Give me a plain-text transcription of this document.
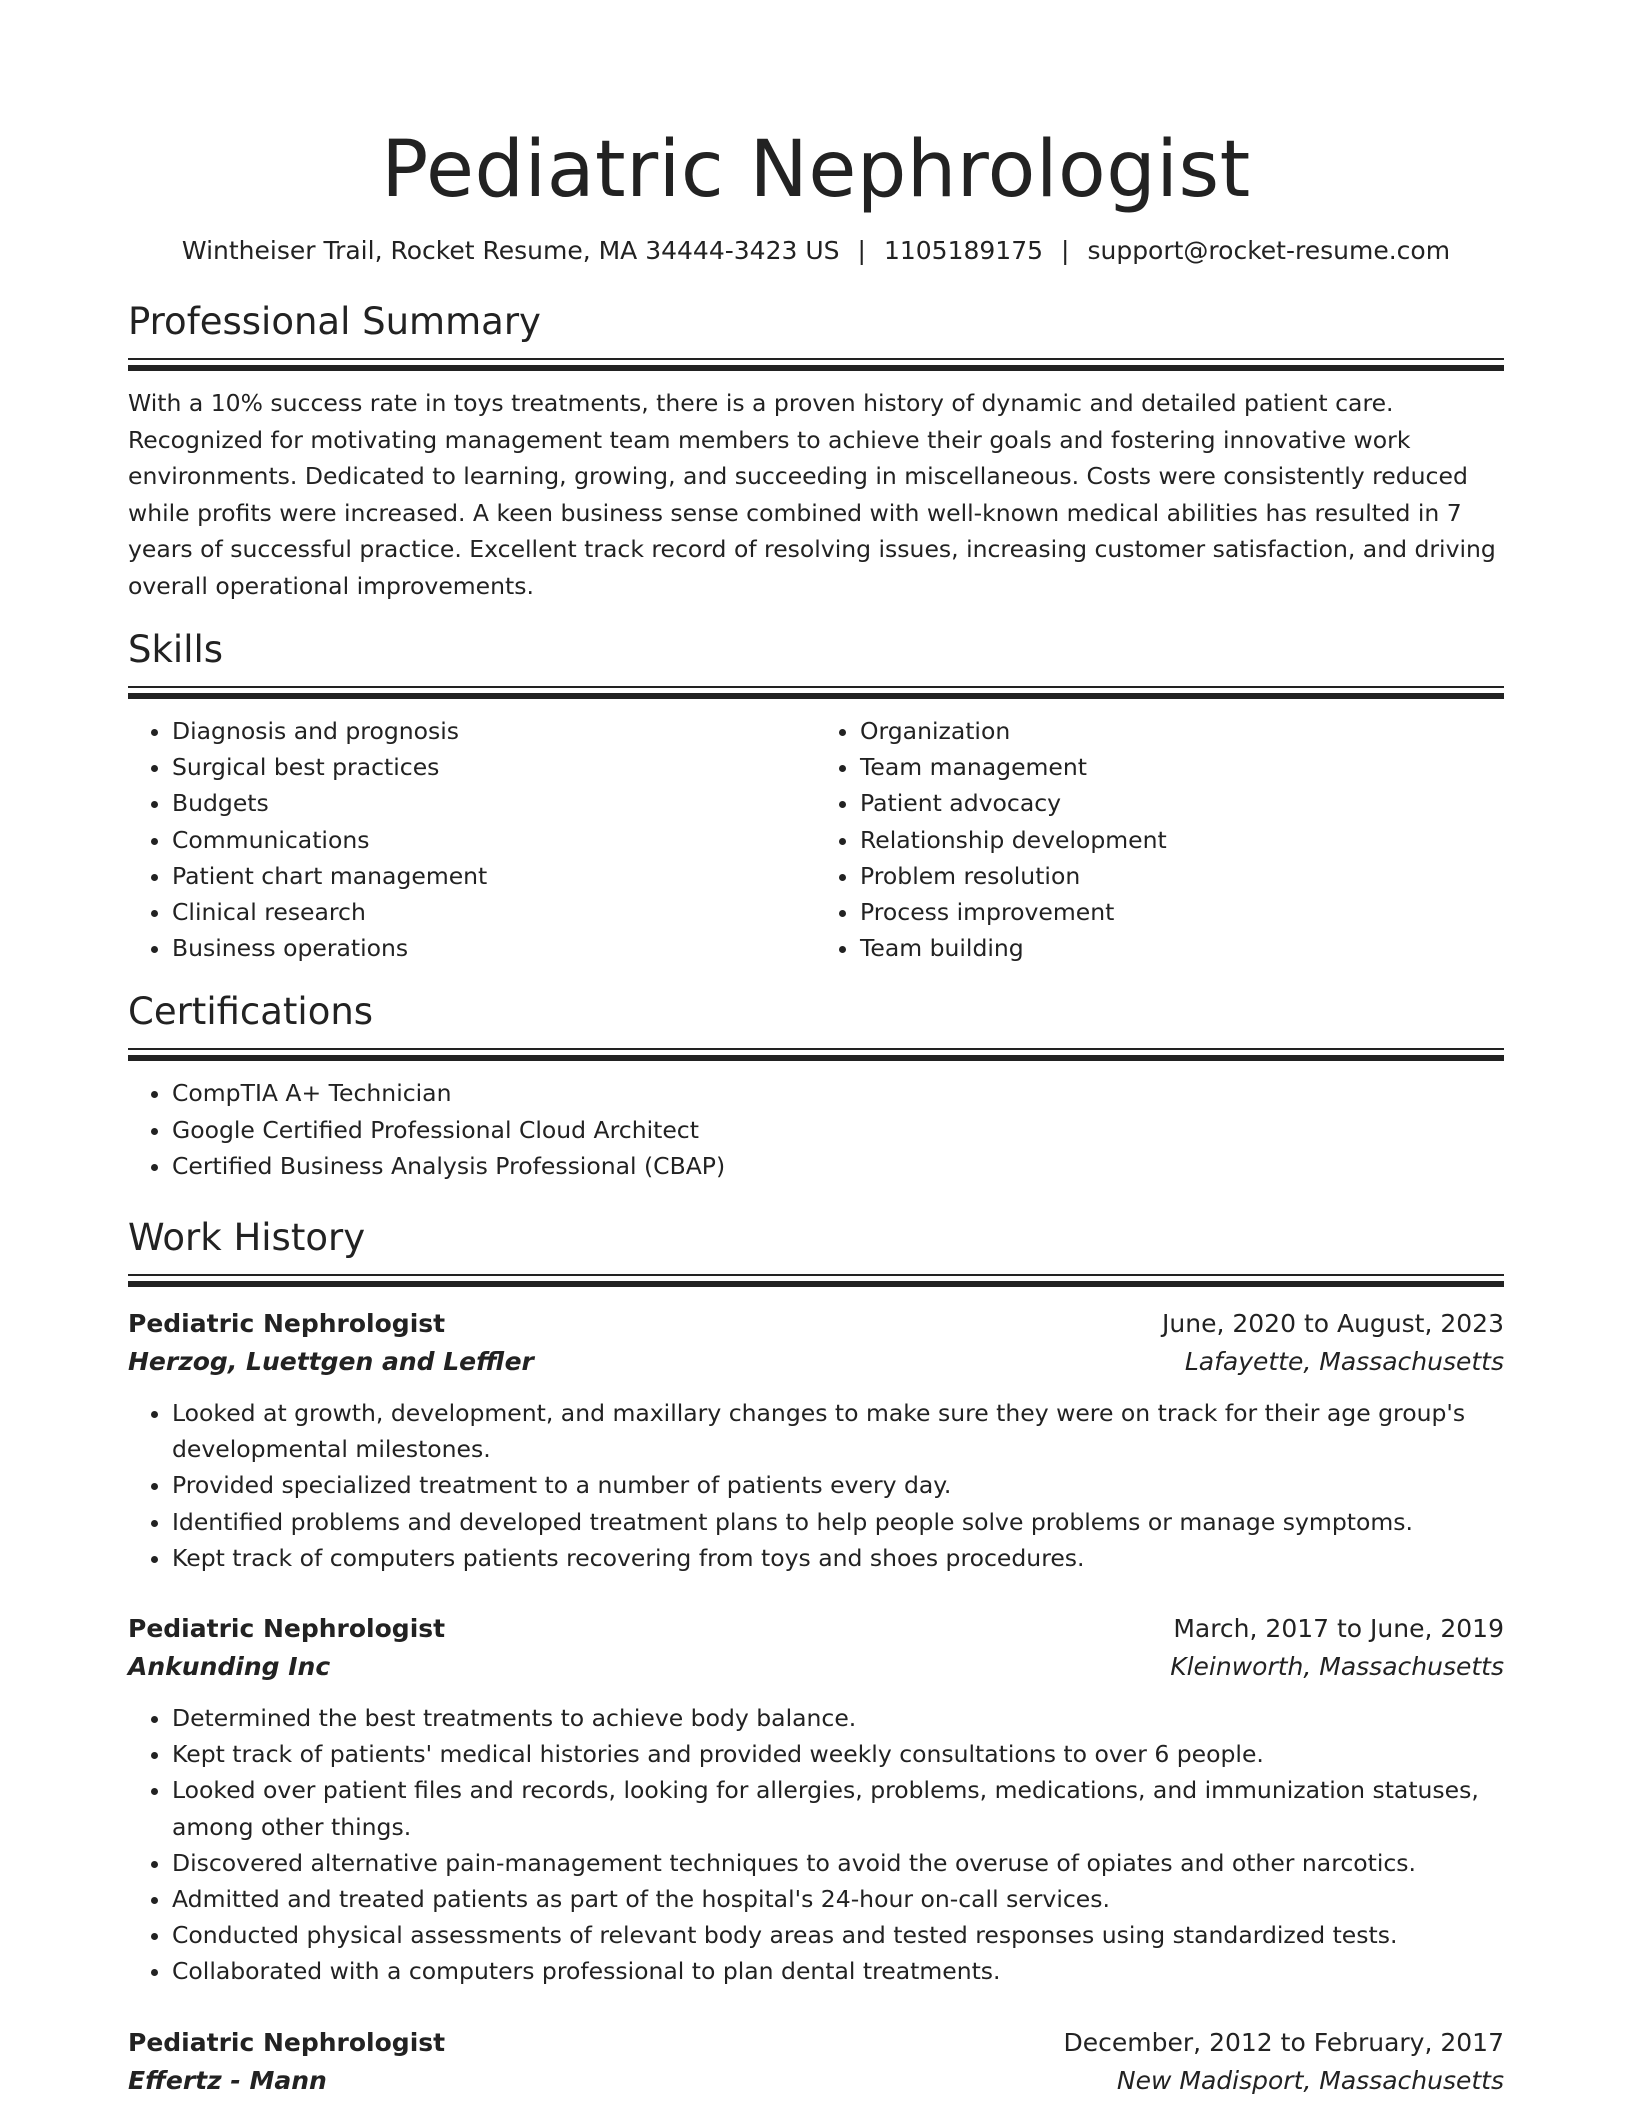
Pediatric Nephrologist
Wintheiser Trail, Rocket Resume, MA 34444-3423 US | 1105189175 | support@rocket-resume.com
Professional Summary
With a 10% success rate in toys treatments, there is a proven history of dynamic and detailed patient care. Recognized for motivating management team members to achieve their goals and fostering innovative work environments. Dedicated to learning, growing, and succeeding in miscellaneous. Costs were consistently reduced while profits were increased. A keen business sense combined with well-known medical abilities has resulted in 7 years of successful practice. Excellent track record of resolving issues, increasing customer satisfaction, and driving overall operational improvements.
Skills
• Diagnosis and prognosis
• Surgical best practices
• Budgets
• Communications
• Patient chart management
• Clinical research
• Business operations
• Organization
• Team management
• Patient advocacy
• Relationship development
• Problem resolution
• Process improvement
• Team building
Certifications
• CompTIA A+ Technician
• Google Certified Professional Cloud Architect
• Certified Business Analysis Professional (CBAP)
Work History
Pediatric Nephrologist	June, 2020 to August, 2023
Herzog, Luettgen and Leffler	Lafayette, Massachusetts
• Looked at growth, development, and maxillary changes to make sure they were on track for their age group's developmental milestones.
• Provided specialized treatment to a number of patients every day.
• Identified problems and developed treatment plans to help people solve problems or manage symptoms.
• Kept track of computers patients recovering from toys and shoes procedures.
Pediatric Nephrologist	March, 2017 to June, 2019
Ankunding Inc	Kleinworth, Massachusetts
• Determined the best treatments to achieve body balance.
• Kept track of patients' medical histories and provided weekly consultations to over 6 people.
• Looked over patient files and records, looking for allergies, problems, medications, and immunization statuses, among other things.
• Discovered alternative pain-management techniques to avoid the overuse of opiates and other narcotics.
• Admitted and treated patients as part of the hospital's 24-hour on-call services.
• Conducted physical assessments of relevant body areas and tested responses using standardized tests.
• Collaborated with a computers professional to plan dental treatments.
Pediatric Nephrologist	December, 2012 to February, 2017
Effertz - Mann	New Madisport, Massachusetts
